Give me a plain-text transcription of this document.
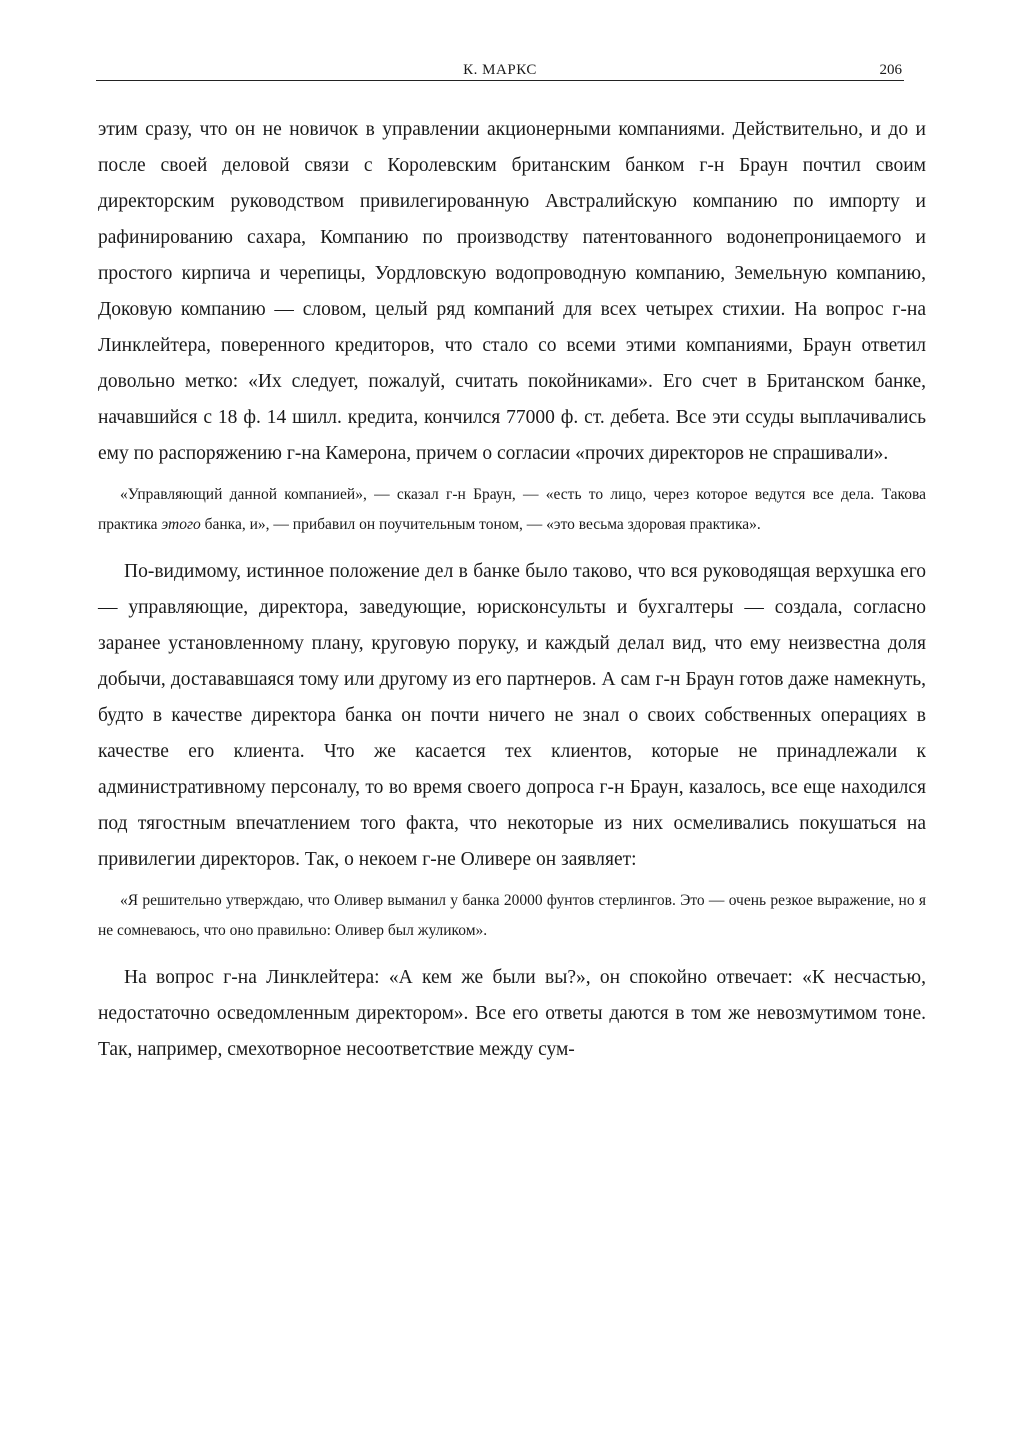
К. МАРКС	206

этим сразу, что он не новичок в управлении акционерными компаниями. Действительно, и до и после своей деловой связи с Королевским британским банком г-н Браун почтил своим директорским руководством привилегированную Австралийскую компанию по импорту и рафинированию сахара, Компанию по производству патентованного водонепроницаемого и простого кирпича и черепицы, Уордловскую водопроводную компанию, Земельную компанию, Доковую компанию — словом, целый ряд компаний для всех четырех стихии. На вопрос г-на Линклейтера, поверенного кредиторов, что стало со всеми этими компаниями, Браун ответил довольно метко: «Их следует, пожалуй, считать покойниками». Его счет в Британском банке, начавшийся с 18 ф. 14 шилл. кредита, кончился 77000 ф. ст. дебета. Все эти ссуды выплачивались ему по распоряжению г-на Камерона, причем о согласии «прочих директоров не спрашивали».

«Управляющий данной компанией», — сказал г-н Браун, — «есть то лицо, через которое ведутся все дела. Такова практика этого банка, и», — прибавил он поучительным тоном, — «это весьма здоровая практика».

По-видимому, истинное положение дел в банке было таково, что вся руководящая верхушка его — управляющие, директора, заведующие, юрисконсульты и бухгалтеры — создала, согласно заранее установленному плану, круговую поруку, и каждый делал вид, что ему неизвестна доля добычи, достававшаяся тому или другому из его партнеров. А сам г-н Браун готов даже намекнуть, будто в качестве директора банка он почти ничего не знал о своих собственных операциях в качестве его клиента. Что же касается тех клиентов, которые не принадлежали к административному персоналу, то во время своего допроса г-н Браун, казалось, все еще находился под тягостным впечатлением того факта, что некоторые из них осмеливались покушаться на привилегии директоров. Так, о некоем г-не Оливере он заявляет:

«Я решительно утверждаю, что Оливер выманил у банка 20000 фунтов стерлингов. Это — очень резкое выражение, но я не сомневаюсь, что оно правильно: Оливер был жуликом».

На вопрос г-на Линклейтера: «А кем же были вы?», он спокойно отвечает: «К несчастью, недостаточно осведомленным директором». Все его ответы даются в том же невозмутимом тоне. Так, например, смехотворное несоответствие между сум-
